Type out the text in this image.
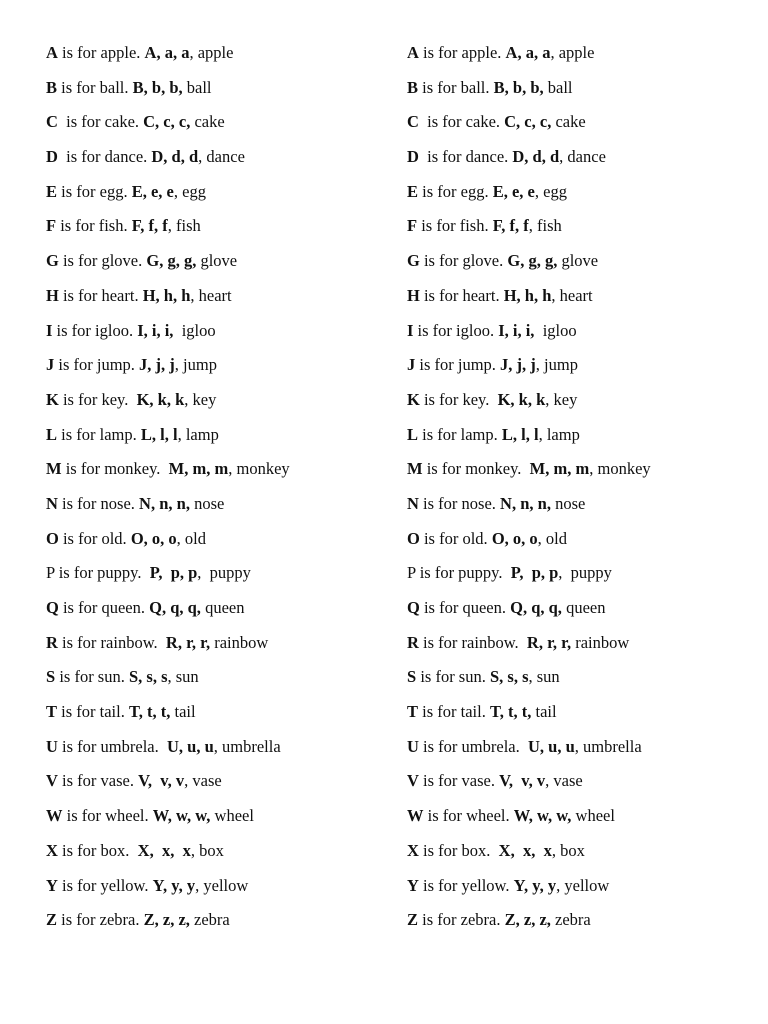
A is for apple. A, a, a, apple
B is for ball. B, b, b, ball
C  is for cake. C, c, c, cake
D  is for dance. D, d, d, dance
E is for egg. E, e, e, egg
F is for fish. F, f, f, fish
G is for glove. G, g, g, glove
H is for heart. H, h, h, heart
I is for igloo. I, i, i,  igloo
J is for jump. J, j, j, jump
K is for key.  K, k, k, key
L is for lamp. L, l, l, lamp
M is for monkey.  M, m, m, monkey
N is for nose. N, n, n, nose
O is for old. O, o, o, old
P is for puppy.  P,  p, p,  puppy
Q is for queen. Q, q, q, queen
R is for rainbow.  R, r, r, rainbow
S is for sun. S, s, s, sun
T is for tail. T, t, t, tail
U is for umbrela.  U, u, u, umbrella
V is for vase. V,  v, v, vase
W is for wheel. W, w, w, wheel
X is for box.  X,  x,  x, box
Y is for yellow. Y, y, y, yellow
Z is for zebra. Z, z, z, zebra
A is for apple. A, a, a, apple
B is for ball. B, b, b, ball
C  is for cake. C, c, c, cake
D  is for dance. D, d, d, dance
E is for egg. E, e, e, egg
F is for fish. F, f, f, fish
G is for glove. G, g, g, glove
H is for heart. H, h, h, heart
I is for igloo. I, i, i,  igloo
J is for jump. J, j, j, jump
K is for key.  K, k, k, key
L is for lamp. L, l, l, lamp
M is for monkey.  M, m, m, monkey
N is for nose. N, n, n, nose
O is for old. O, o, o, old
P is for puppy.  P,  p, p,  puppy
Q is for queen. Q, q, q, queen
R is for rainbow.  R, r, r, rainbow
S is for sun. S, s, s, sun
T is for tail. T, t, t, tail
U is for umbrela.  U, u, u, umbrella
V is for vase. V,  v, v, vase
W is for wheel. W, w, w, wheel
X is for box.  X,  x,  x, box
Y is for yellow. Y, y, y, yellow
Z is for zebra. Z, z, z, zebra
